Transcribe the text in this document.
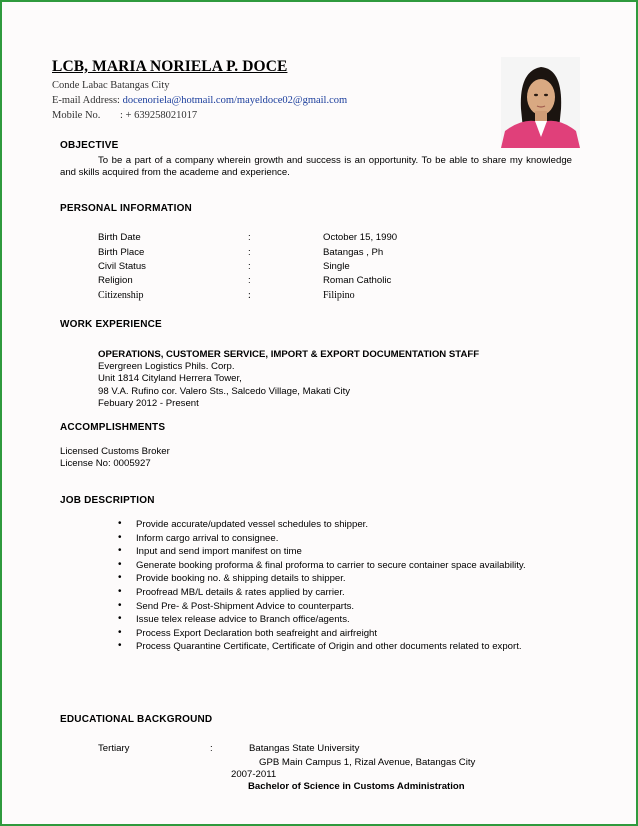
LCB, MARIA NORIELA P. DOCE
Conde Labac Batangas City
E-mail Address: docenoriela@hotmail.com/mayeldoce02@gmail.com
Mobile No. : + 639258021017
OBJECTIVE
To be a part of a company wherein growth and success is an opportunity. To be able to share my knowledge and skills acquired from the academe and experience.
PERSONAL INFORMATION
Birth Date	:	October 15, 1990
Birth Place	:	Batangas , Ph
Civil Status	:	Single
Religion	:	Roman Catholic
Citizenship	:	Filipino
WORK EXPERIENCE
OPERATIONS, CUSTOMER SERVICE, IMPORT & EXPORT DOCUMENTATION STAFF
Evergreen Logistics Phils. Corp.
Unit 1814 Cityland Herrera Tower,
98 V.A. Rufino cor. Valero Sts., Salcedo Village, Makati City
Febuary 2012 - Present
ACCOMPLISHMENTS
Licensed Customs Broker
License No: 0005927
JOB DESCRIPTION
• Provide accurate/updated vessel schedules to shipper.
• Inform cargo arrival to consignee.
• Input and send import manifest on time
• Generate booking proforma & final proforma to carrier to secure container space availability.
• Provide booking no. & shipping details to shipper.
• Proofread MB/L details & rates applied by carrier.
• Send Pre- & Post-Shipment Advice to counterparts.
• Issue telex release advice to Branch office/agents.
• Process Export Declaration both seafreight and airfreight
• Process Quarantine Certificate, Certificate of Origin and other documents related to export.
EDUCATIONAL BACKGROUND
Tertiary	:	Batangas State University
GPB Main Campus 1, Rizal Avenue, Batangas City
2007-2011
Bachelor of Science in Customs Administration
